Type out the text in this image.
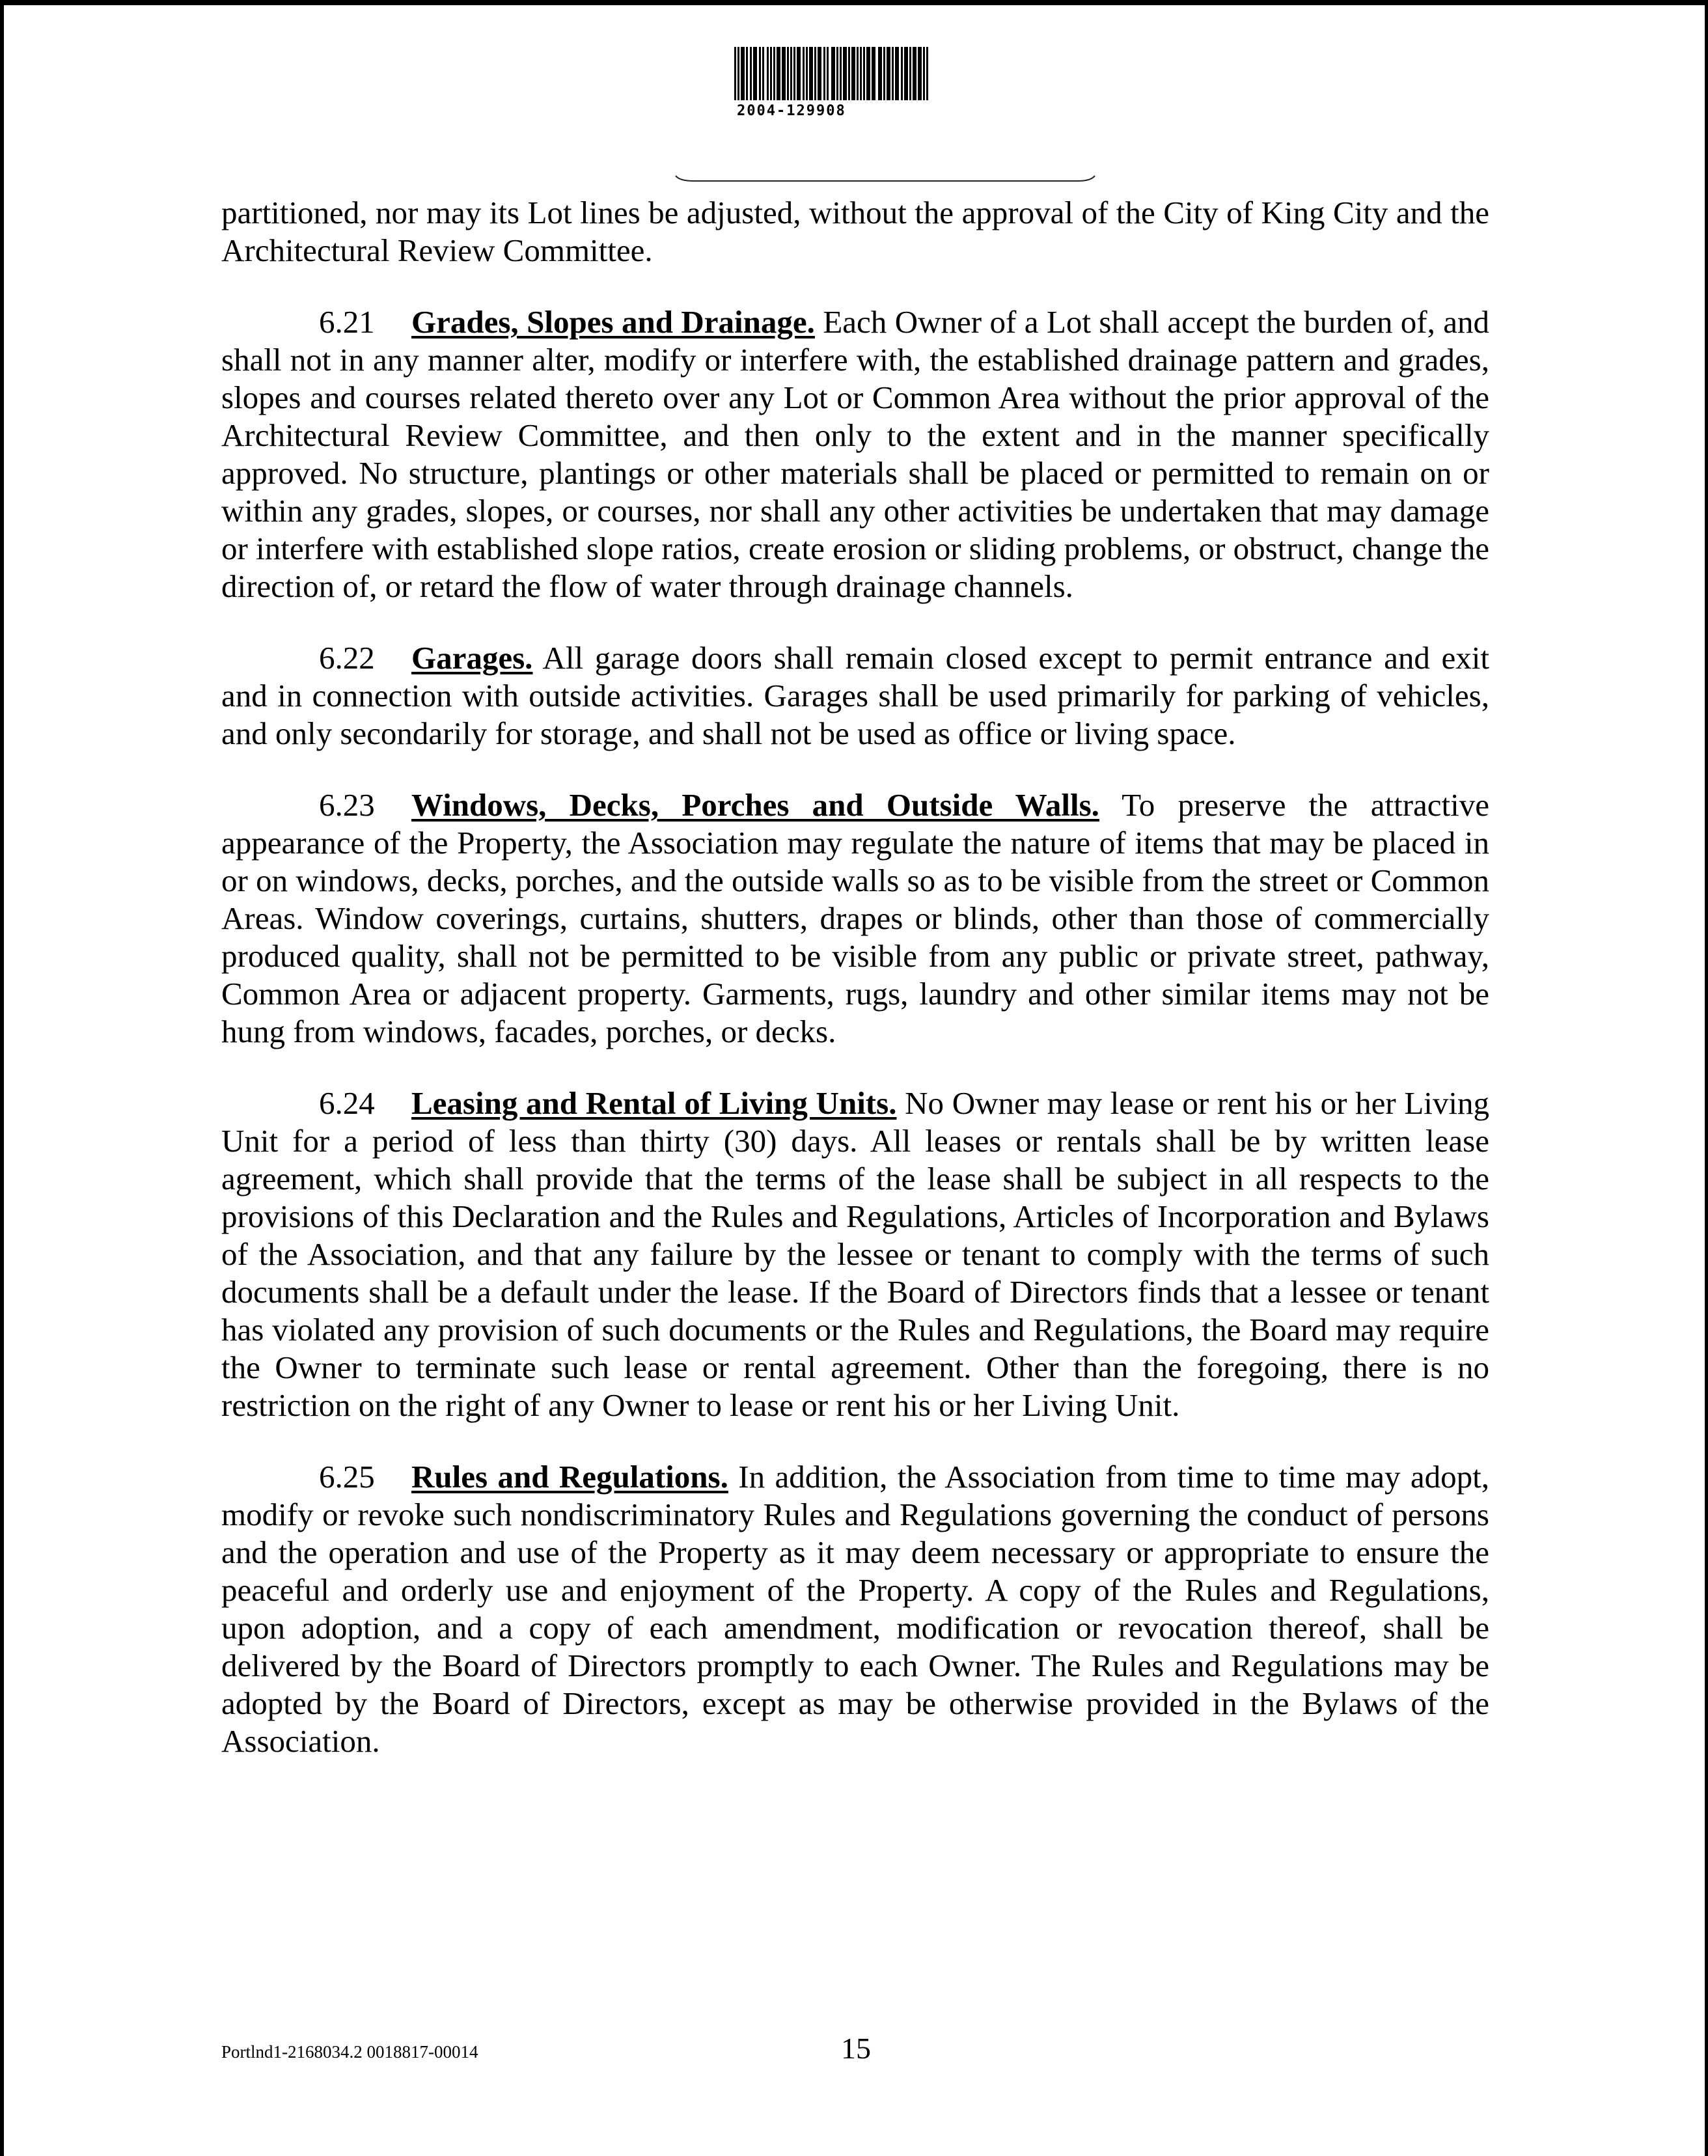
2004-129908

partitioned, nor may its Lot lines be adjusted, without the approval of the City of King City and the Architectural Review Committee.

6.21 Grades, Slopes and Drainage. Each Owner of a Lot shall accept the burden of, and shall not in any manner alter, modify or interfere with, the established drainage pattern and grades, slopes and courses related thereto over any Lot or Common Area without the prior approval of the Architectural Review Committee, and then only to the extent and in the manner specifically approved. No structure, plantings or other materials shall be placed or permitted to remain on or within any grades, slopes, or courses, nor shall any other activities be undertaken that may damage or interfere with established slope ratios, create erosion or sliding problems, or obstruct, change the direction of, or retard the flow of water through drainage channels.

6.22 Garages. All garage doors shall remain closed except to permit entrance and exit and in connection with outside activities. Garages shall be used primarily for parking of vehicles, and only secondarily for storage, and shall not be used as office or living space.

6.23 Windows, Decks, Porches and Outside Walls. To preserve the attractive appearance of the Property, the Association may regulate the nature of items that may be placed in or on windows, decks, porches, and the outside walls so as to be visible from the street or Common Areas. Window coverings, curtains, shutters, drapes or blinds, other than those of commercially produced quality, shall not be permitted to be visible from any public or private street, pathway, Common Area or adjacent property. Garments, rugs, laundry and other similar items may not be hung from windows, facades, porches, or decks.

6.24 Leasing and Rental of Living Units. No Owner may lease or rent his or her Living Unit for a period of less than thirty (30) days. All leases or rentals shall be by written lease agreement, which shall provide that the terms of the lease shall be subject in all respects to the provisions of this Declaration and the Rules and Regulations, Articles of Incorporation and Bylaws of the Association, and that any failure by the lessee or tenant to comply with the terms of such documents shall be a default under the lease. If the Board of Directors finds that a lessee or tenant has violated any provision of such documents or the Rules and Regulations, the Board may require the Owner to terminate such lease or rental agreement. Other than the foregoing, there is no restriction on the right of any Owner to lease or rent his or her Living Unit.

6.25 Rules and Regulations. In addition, the Association from time to time may adopt, modify or revoke such nondiscriminatory Rules and Regulations governing the conduct of persons and the operation and use of the Property as it may deem necessary or appropriate to ensure the peaceful and orderly use and enjoyment of the Property. A copy of the Rules and Regulations, upon adoption, and a copy of each amendment, modification or revocation thereof, shall be delivered by the Board of Directors promptly to each Owner. The Rules and Regulations may be adopted by the Board of Directors, except as may be otherwise provided in the Bylaws of the Association.

Portlnd1-2168034.2 0018817-00014	15
